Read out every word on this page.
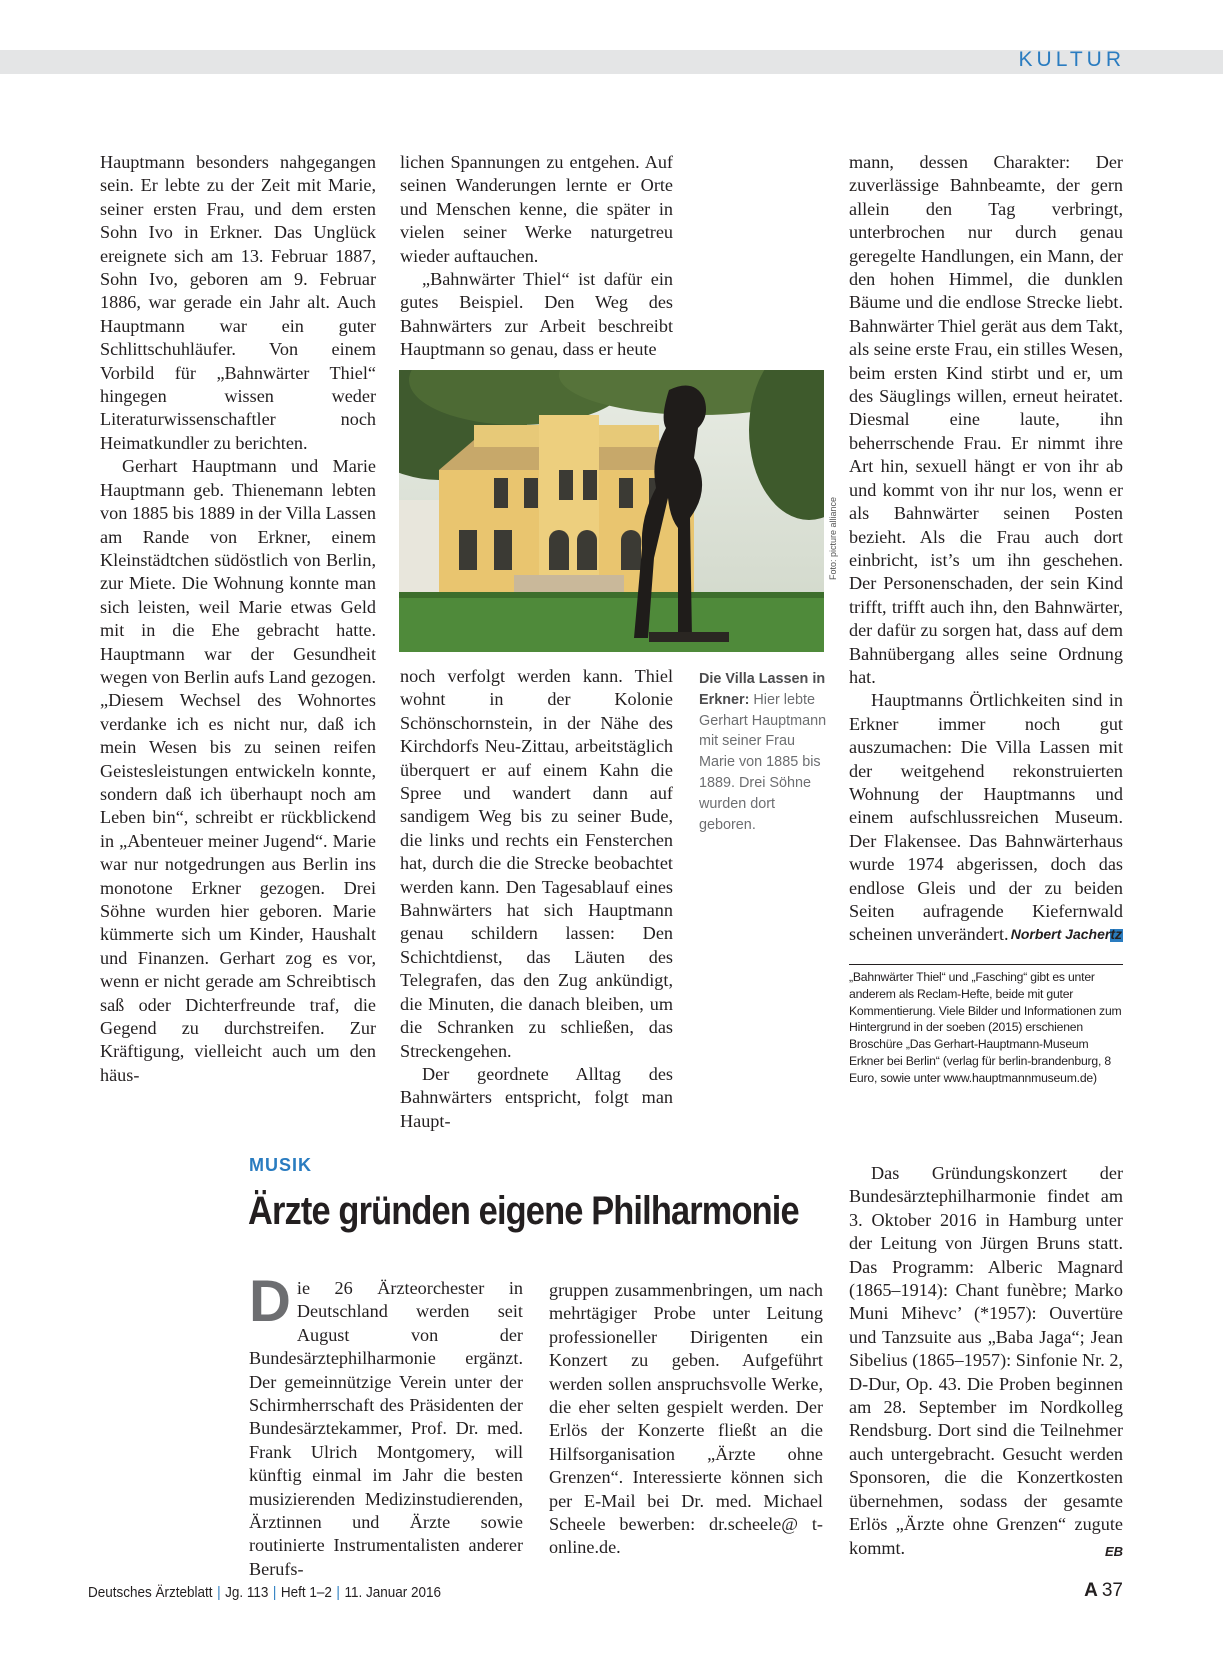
KULTUR

Hauptmann besonders nahgegangen sein. Er lebte zu der Zeit mit Marie, seiner ersten Frau, und dem ersten Sohn Ivo in Erkner. Das Unglück ereignete sich am 13. Februar 1887, Sohn Ivo, geboren am 9. Februar 1886, war gerade ein Jahr alt. Auch Hauptmann war ein guter Schlittschuhläufer. Von einem Vorbild für „Bahnwärter Thiel“ hingegen wissen weder Literaturwissenschaftler noch Heimatkundler zu berichten.

Gerhart Hauptmann und Marie Hauptmann geb. Thienemann lebten von 1885 bis 1889 in der Villa Lassen am Rande von Erkner, einem Kleinstädtchen südöstlich von Berlin, zur Miete. Die Wohnung konnte man sich leisten, weil Marie etwas Geld mit in die Ehe gebracht hatte. Hauptmann war der Gesundheit wegen von Berlin aufs Land gezogen. „Diesem Wechsel des Wohnortes verdanke ich es nicht nur, daß ich mein Wesen bis zu seinen reifen Geistesleistungen entwickeln konnte, sondern daß ich überhaupt noch am Leben bin“, schreibt er rückblickend in „Abenteuer meiner Jugend“. Marie war nur notgedrungen aus Berlin ins monotone Erkner gezogen. Drei Söhne wurden hier geboren. Marie kümmerte sich um Kinder, Haushalt und Finanzen. Gerhart zog es vor, wenn er nicht gerade am Schreibtisch saß oder Dichterfreunde traf, die Gegend zu durchstreifen. Zur Kräftigung, vielleicht auch um den häus-

lichen Spannungen zu entgehen. Auf seinen Wanderungen lernte er Orte und Menschen kenne, die später in vielen seiner Werke naturgetreu wieder auftauchen.

„Bahnwärter Thiel“ ist dafür ein gutes Beispiel. Den Weg des Bahnwärters zur Arbeit beschreibt Hauptmann so genau, dass er heute

Foto: picture alliance

noch verfolgt werden kann. Thiel wohnt in der Kolonie Schönschornstein, in der Nähe des Kirchdorfs Neu-Zittau, arbeitstäglich überquert er auf einem Kahn die Spree und wandert dann auf sandigem Weg bis zu seiner Bude, die links und rechts ein Fensterchen hat, durch die die Strecke beobachtet werden kann. Den Tagesablauf eines Bahnwärters hat sich Hauptmann genau schildern lassen: Den Schichtdienst, das Läuten des Telegrafen, das den Zug ankündigt, die Minuten, die danach bleiben, um die Schranken zu schließen, das Streckengehen.

Der geordnete Alltag des Bahnwärters entspricht, folgt man Haupt-

Die Villa Lassen in Erkner: Hier lebte Gerhart Hauptmann mit seiner Frau Marie von 1885 bis 1889. Drei Söhne wurden dort geboren.

mann, dessen Charakter: Der zuverlässige Bahnbeamte, der gern allein den Tag verbringt, unterbrochen nur durch genau geregelte Handlungen, ein Mann, der den hohen Himmel, die dunklen Bäume und die endlose Strecke liebt. Bahnwärter Thiel gerät aus dem Takt, als seine erste Frau, ein stilles Wesen, beim ersten Kind stirbt und er, um des Säuglings willen, erneut heiratet. Diesmal eine laute, ihn beherrschende Frau. Er nimmt ihre Art hin, sexuell hängt er von ihr ab und kommt von ihr nur los, wenn er als Bahnwärter seinen Posten bezieht. Als die Frau auch dort einbricht, ist’s um ihn geschehen. Der Personenschaden, der sein Kind trifft, trifft auch ihn, den Bahnwärter, der dafür zu sorgen hat, dass auf dem Bahnübergang alles seine Ordnung hat.

Hauptmanns Örtlichkeiten sind in Erkner immer noch gut auszumachen: Die Villa Lassen mit der weitgehend rekonstruierten Wohnung der Hauptmanns und einem aufschlussreichen Museum. Der Flakensee. Das Bahnwärterhaus wurde 1974 abgerissen, doch das endlose Gleis und der zu beiden Seiten aufragende Kiefernwald scheinen unverändert. Norbert Jachertz
„Bahnwärter Thiel“ und „Fasching“ gibt es unter anderem als Reclam-Hefte, beide mit guter Kommentierung. Viele Bilder und Informationen zum Hintergrund in der soeben (2015) erschienen Broschüre „Das Gerhart-Hauptmann-Museum Erkner bei Berlin“ (verlag für berlin-brandenburg, 8 Euro, sowie unter www.hauptmannmuseum.de)
MUSIK
Ärzte gründen eigene Philharmonie
Die 26 Ärzteorchester in Deutschland werden seit August von der Bundesärztephilharmonie ergänzt. Der gemeinnützige Verein unter der Schirmherrschaft des Präsidenten der Bundesärztekammer, Prof. Dr. med. Frank Ulrich Montgomery, will künftig einmal im Jahr die besten musizierenden Medizinstudierenden, Ärztinnen und Ärzte sowie routinierte Instrumentalisten anderer Berufs-

gruppen zusammenbringen, um nach mehrtägiger Probe unter Leitung professioneller Dirigenten ein Konzert zu geben. Aufgeführt werden sollen anspruchsvolle Werke, die eher selten gespielt werden. Der Erlös der Konzerte fließt an die Hilfsorganisation „Ärzte ohne Grenzen“. Interessierte können sich per E-Mail bei Dr. med. Michael Scheele bewerben: dr.scheele@ t-online.de.

Das Gründungskonzert der Bundesärztephilharmonie findet am 3. Oktober 2016 in Hamburg unter der Leitung von Jürgen Bruns statt. Das Programm: Alberic Magnard (1865–1914): Chant funèbre; Marko Muni Mihevc’ (*1957): Ouvertüre und Tanzsuite aus „Baba Jaga“; Jean Sibelius (1865–1957): Sinfonie Nr. 2, D-Dur, Op. 43. Die Proben beginnen am 28. September im Nordkolleg Rendsburg. Dort sind die Teilnehmer auch untergebracht. Gesucht werden Sponsoren, die die Konzertkosten übernehmen, sodass der gesamte Erlös „Ärzte ohne Grenzen“ zugute kommt.	EB

Deutsches Ärzteblatt | Jg. 113 | Heft 1–2 | 11. Januar 2016	A 37
